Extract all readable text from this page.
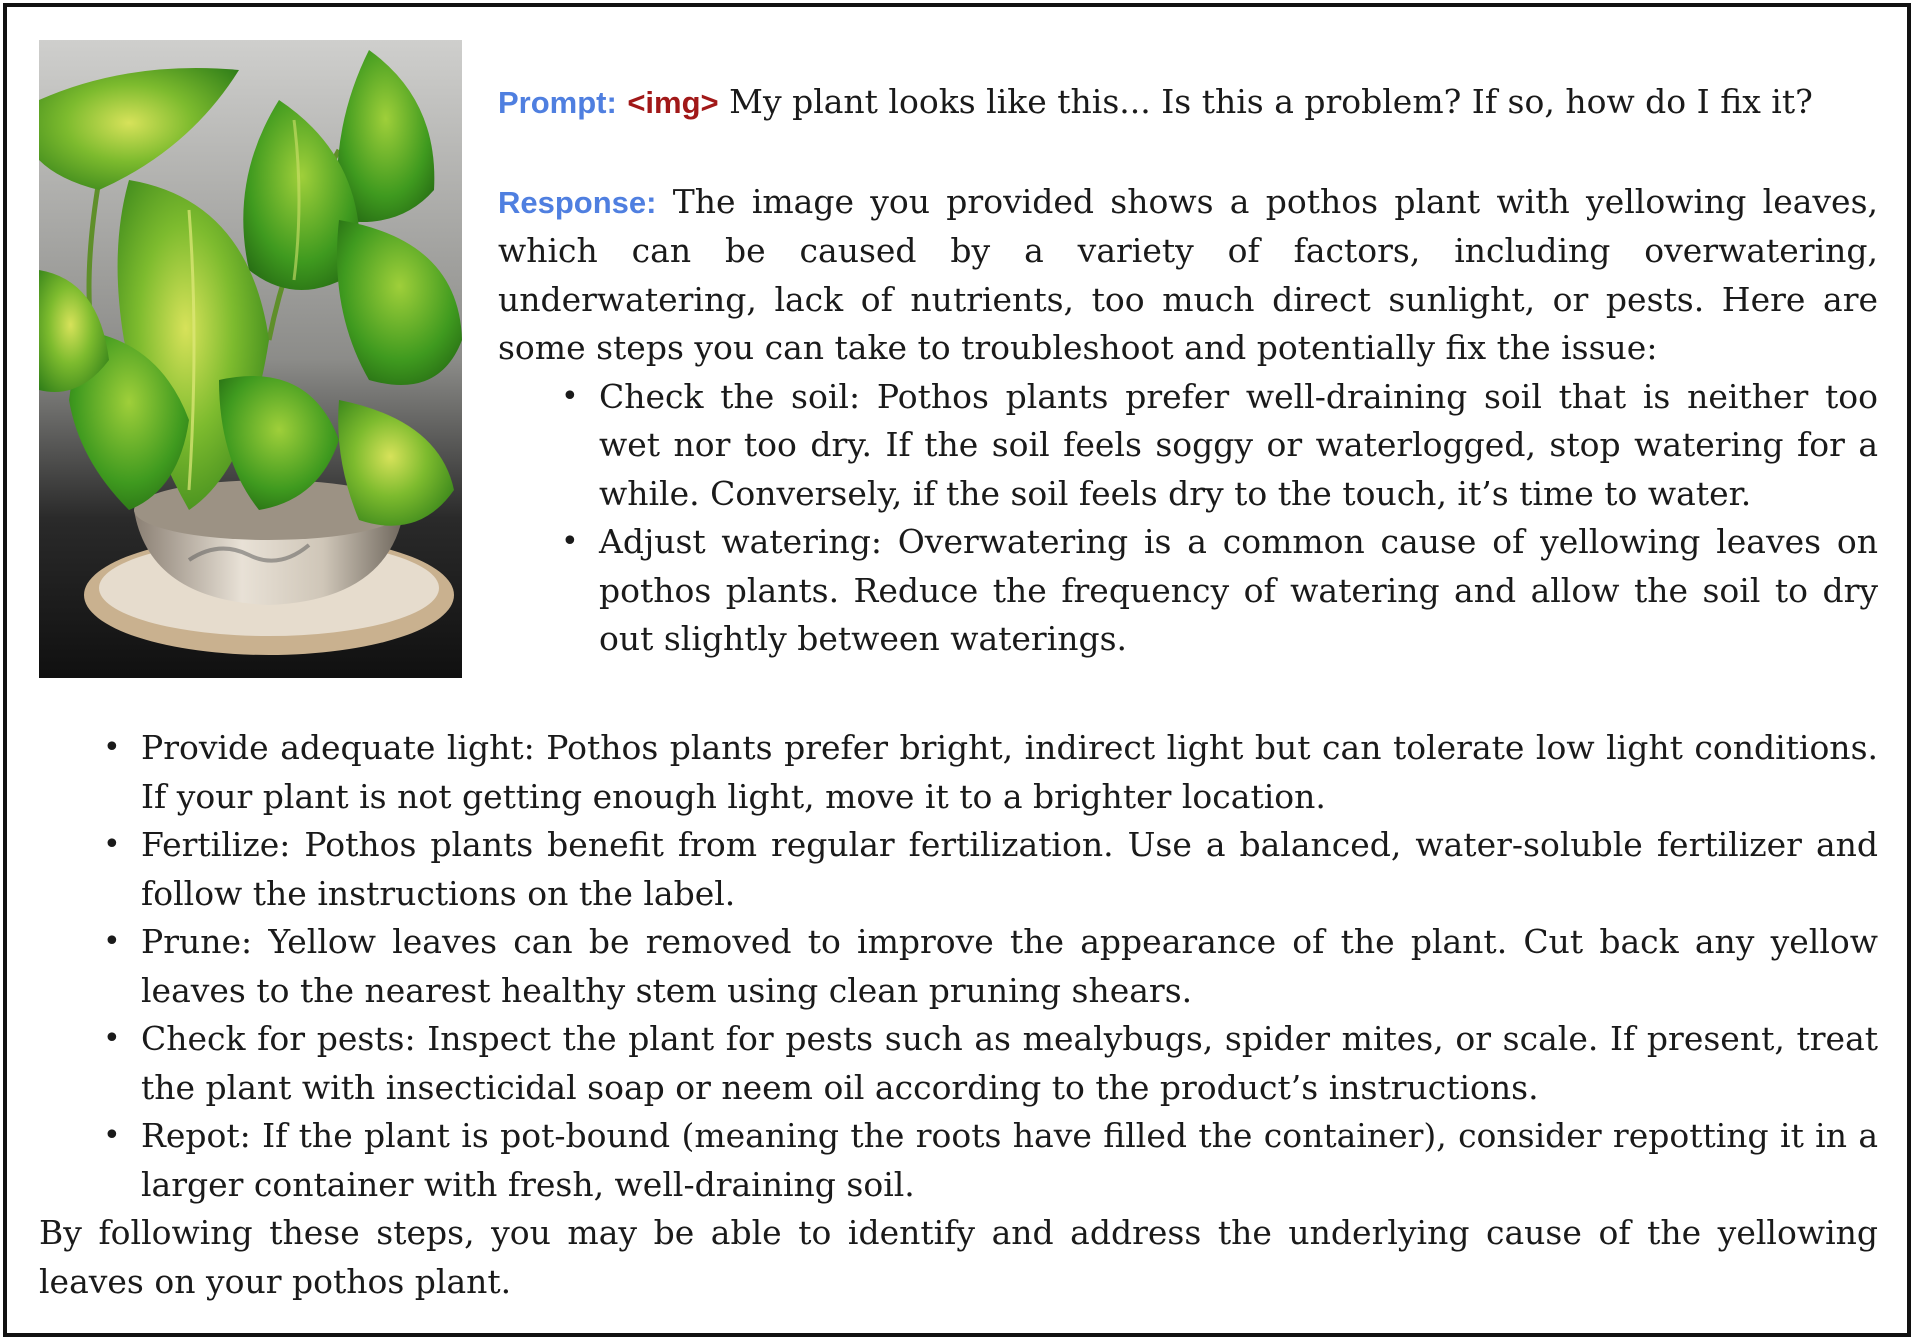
Prompt: <img> My plant looks like this... Is this a problem? If so, how do I fix it?

Response: The image you provided shows a pothos plant with yellowing leaves, which can be caused by a variety of factors, including overwatering, underwatering, lack of nutrients, too much direct sunlight, or pests. Here are some steps you can take to troubleshoot and potentially fix the issue:

• Check the soil: Pothos plants prefer well-draining soil that is neither too wet nor too dry. If the soil feels soggy or waterlogged, stop watering for a while. Conversely, if the soil feels dry to the touch, it’s time to water.
• Adjust watering: Overwatering is a common cause of yellowing leaves on pothos plants. Reduce the frequency of watering and allow the soil to dry out slightly between waterings.
• Provide adequate light: Pothos plants prefer bright, indirect light but can tolerate low light conditions. If your plant is not getting enough light, move it to a brighter location.
• Fertilize: Pothos plants benefit from regular fertilization. Use a balanced, water-soluble fertilizer and follow the instructions on the label.
• Prune: Yellow leaves can be removed to improve the appearance of the plant. Cut back any yellow leaves to the nearest healthy stem using clean pruning shears.
• Check for pests: Inspect the plant for pests such as mealybugs, spider mites, or scale. If present, treat the plant with insecticidal soap or neem oil according to the product’s instructions.
• Repot: If the plant is pot-bound (meaning the roots have filled the container), consider repotting it in a larger container with fresh, well-draining soil.

By following these steps, you may be able to identify and address the underlying cause of the yellowing leaves on your pothos plant.
